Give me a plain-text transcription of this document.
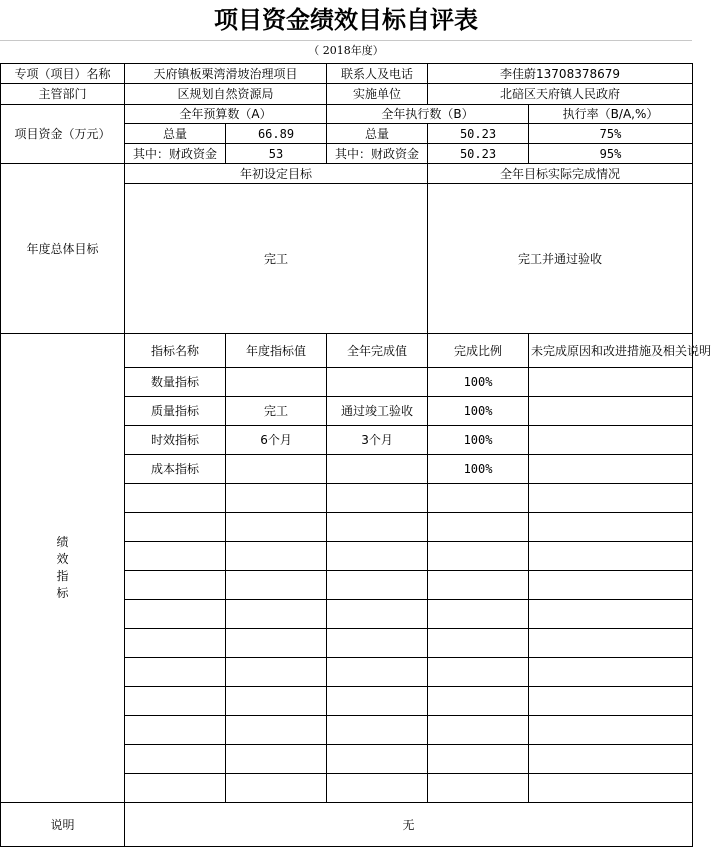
项目资金绩效目标自评表
（ 2018年度）
专项（项目）名称	天府镇板栗湾滑坡治理项目		联系人及电话	李佳蔚13708378679	
主管部门	区规划自然资源局		实施单位	北碚区天府镇人民政府	
项目资金（万元）	全年预算数（A）		全年执行数（B）		执行率（B/A,%）
	总量	66.89	总量	50.23	75%
	其中：财政资金	53	其中：财政资金	50.23	95%
年度总体目标	年初设定目标			全年目标实际完成情况	
	完工			完工并通过验收	
绩效指标	指标名称	年度指标值	全年完成值	完成比例	未完成原因和改进措施及相关说明
	数量指标			100%	
	质量指标	完工	通过竣工验收	100%	
	时效指标	6个月	3个月	100%	
	成本指标			100%	

说明	无				
